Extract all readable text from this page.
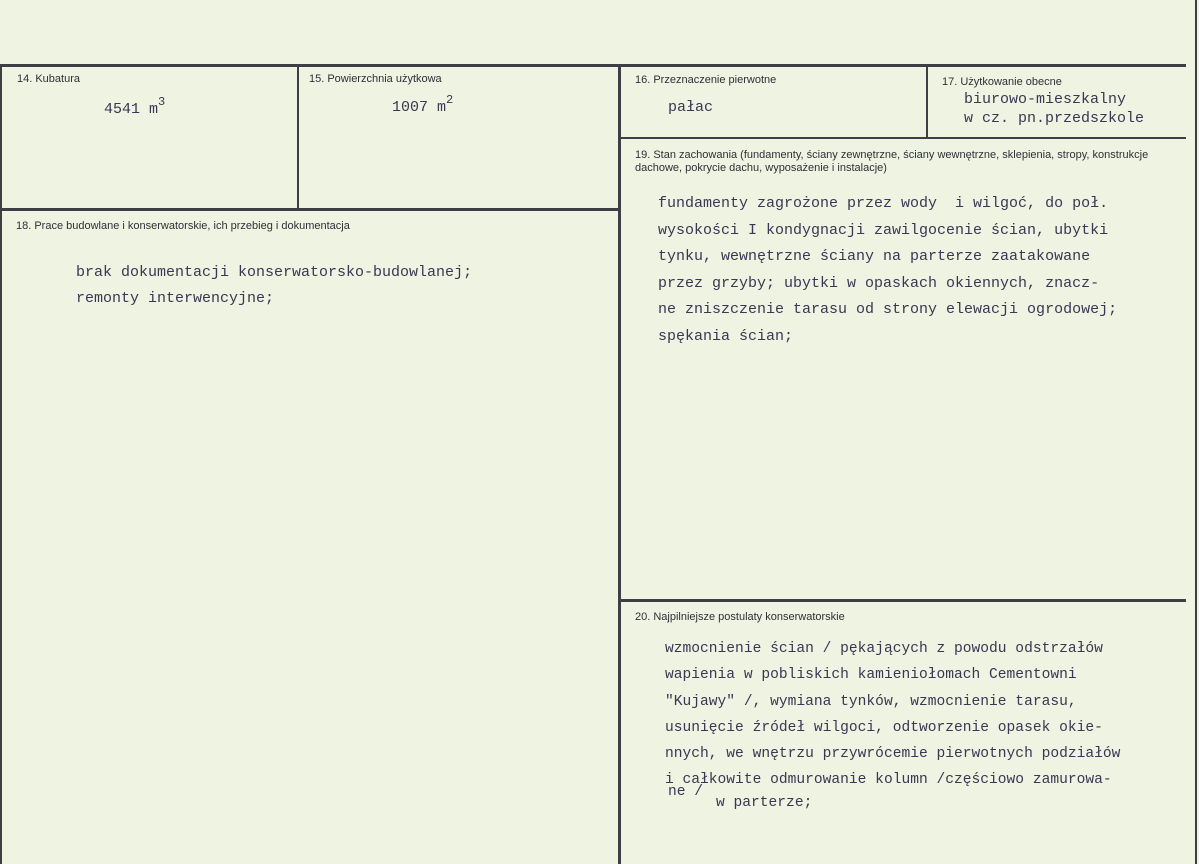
14. Kubatura
4541 $m^3$
15. Powierzchnia użytkowa
1007 $m^2$
16. Przeznaczenie pierwotne
pałac
17. Użytkowanie obecne
biurowo-mieszkalny
w cz. pn.przedszkole
18. Prace budowlane i konserwatorskie, ich przebieg i dokumentacja
brak dokumentacji konserwatorsko-budowlanej;
remonty interwencyjne;
19. Stan zachowania (fundamenty, ściany zewnętrzne, ściany wewnętrzne, sklepienia, stropy, konstrukcje dachowe, pokrycie dachu, wyposażenie i instalacje)
fundamenty zagrożone przez wody  i wilgoć, do poł.
wysokości I kondygnacji zawilgocenie ścian, ubytki
tynku, wewnętrzne ściany na parterze zaatakowane
przez grzyby; ubytki w opaskach okiennych, znacz-
ne zniszczenie tarasu od strony elewacji ogrodowej;
spękania ścian;
20. Najpilniejsze postulaty konserwatorskie
wzmocnienie ścian / pękających z powodu odstrzałów
wapienia w pobliskich kamieniołomach Cementowni
"Kujawy" /, wymiana tynków, wzmocnienie tarasu,
usunięcie źródeł wilgoci, odtworzenie opasek okie-
nnych, we wnętrzu przywrócemie pierwotnych podziałów
i całkowite odmurowanie kolumn /częściowo zamurowa-
ne /
w parterze;
